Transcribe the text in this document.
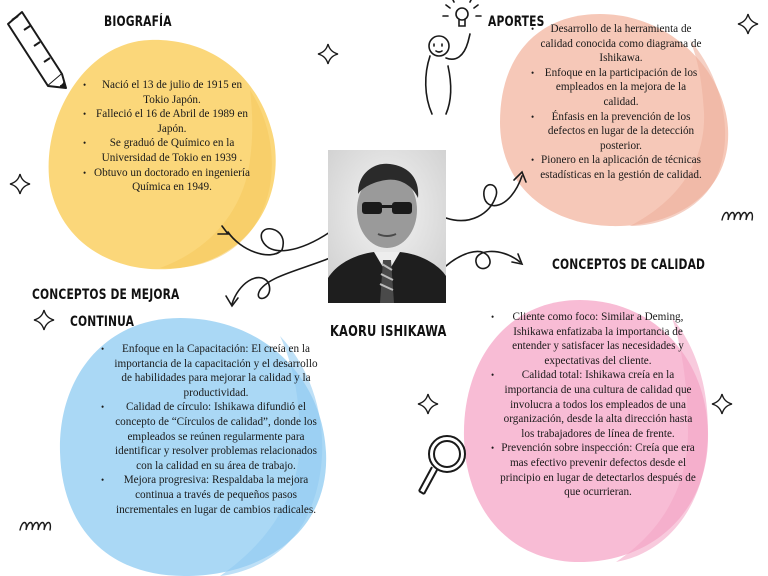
BIOGRAFÍA	APORTES
CONCEPTOS DE MEJORA
CONTINUA
CONCEPTOS DE CALIDAD
KAORU ISHIKAWA
• Nació el 13 de julio de 1915 en Tokio Japón.
• Falleció el 16 de Abril de 1989 en Japón.
• Se graduó de Químico en la Universidad de Tokio en 1939 .
• Obtuvo un doctorado en ingeniería Química en 1949.
• Desarrollo de la herramienta de calidad conocida como diagrama de Ishikawa.
• Enfoque en la participación de los empleados en la mejora de la calidad.
• Énfasis en la prevención de los defectos en lugar de la detección posterior.
• Pionero en la aplicación de técnicas estadísticas en la gestión de calidad.
• Enfoque en la Capacitación: El creía en la importancia de la capacitación y el desarrollo de habilidades para mejorar la calidad y la productividad.
• Calidad de círculo: Ishikawa difundió el concepto de “Círculos de calidad”, donde los empleados se reúnen regularmente para identificar y resolver problemas relacionados con la calidad en su área de trabajo.
• Mejora progresiva: Respaldaba la mejora continua a través de pequeños pasos incrementales en lugar de cambios radicales.
• Cliente como foco: Similar a Deming, Ishikawa enfatizaba la importancia de entender y satisfacer las necesidades y expectativas del cliente.
• Calidad total: Ishikawa creía en la importancia de una cultura de calidad que involucra a todos los empleados de una organización, desde la alta dirección hasta los trabajadores de línea de frente.
• Prevención sobre inspección: Creía que era mas efectivo prevenir defectos desde el principio en lugar de detectarlos después de que ocurrieran.
